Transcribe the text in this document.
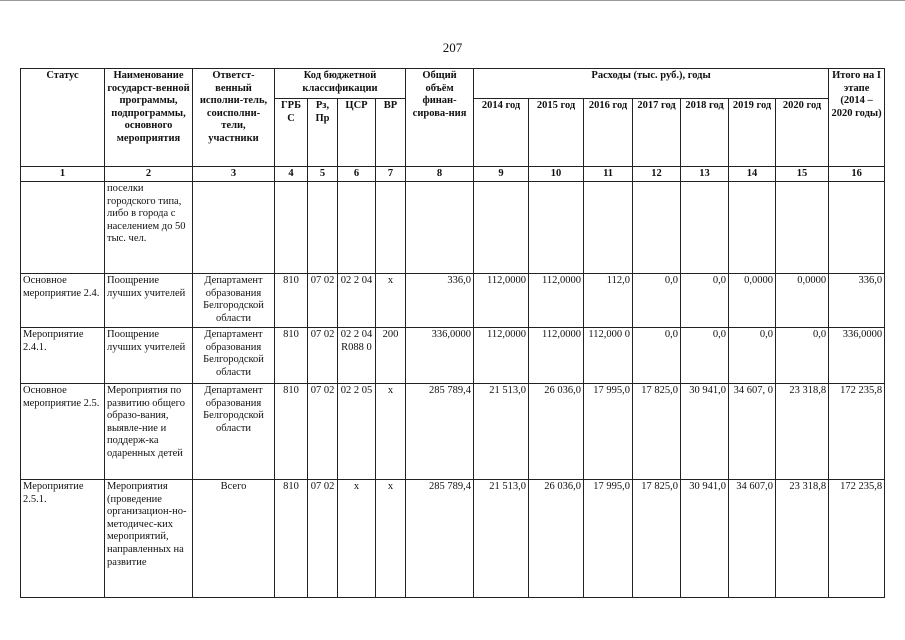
207
Статус	Наименование государст-венной программы, подпрограммы, основного мероприятия	Ответст-венный исполни-тель, соисполни-тели, участники	Код бюджетной классификации				Общий объём финан-сирова-ния	Расходы (тыс. руб.), годы							Итого на I этапе (2014 – 2020 годы)
			ГРБ С	Рз, Пр	ЦСР	ВР		2014 год	2015 год	2016 год	2017 год	2018 год	2019 год	2020 год	
1	2	3	4	5	6	7	8	9	10	11	12	13	14	15	16
	поселки городского типа, либо в города с населением до 50 тыс. чел.														
Основное мероприятие 2.4.	Поощрение лучших учителей	Департамент образования Белгородской области	810	07 02	02 2 04	х	336,0	112,0000	112,0000	112,0	0,0	0,0	0,0000	0,0000	336,0
Мероприятие 2.4.1.	Поощрение лучших учителей	Департамент образования Белгородской области	810	07 02	02 2 04 R088 0	200	336,0000	112,0000	112,0000	112,000 0	0,0	0,0	0,0	0,0	336,0000
Основное мероприятие 2.5.	Мероприятия по развитию общего образо-вания, выявле-ние и поддерж-ка одаренных детей	Департамент образования Белгородской области	810	07 02	02 2 05	х	285 789,4	21 513,0	26 036,0	17 995,0	17 825,0	30 941,0	34 607, 0	23 318,8	172 235,8
Мероприятие 2.5.1.	Мероприятия (проведение организацион-но-методичес-ких мероприятий, направленных на развитие	Всего	810	07 02	х	х	285 789,4	21 513,0	26 036,0	17 995,0	17 825,0	30 941,0	34 607,0	23 318,8	172 235,8
